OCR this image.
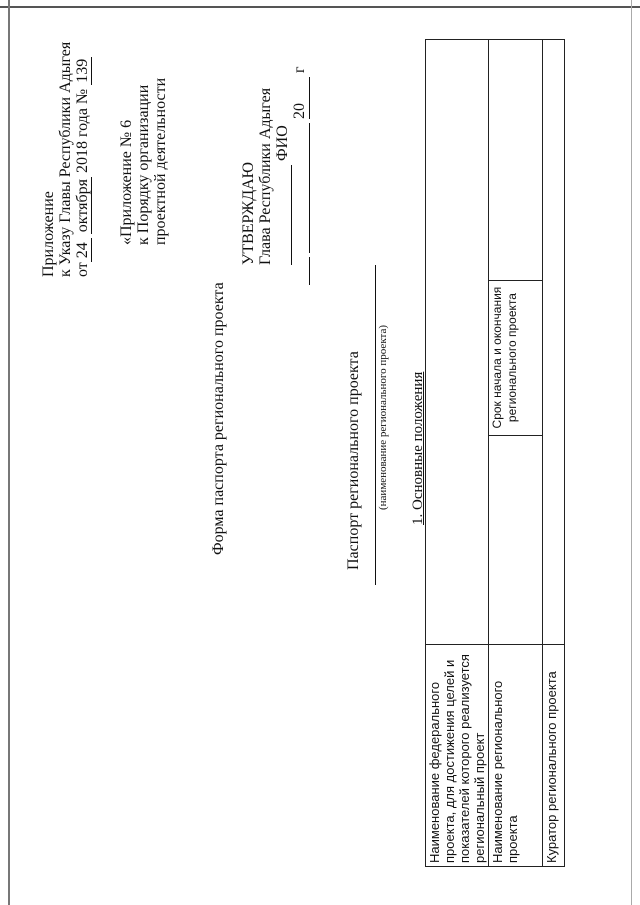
Приложение к Указу Главы Республики Адыгея от24 октября 2018 года № 139
«Приложение № 6 к Порядку организации проектной деятельности	УТВЕРЖДАЮ Глава Республики Адыгея ФИО
20  г
Форма паспорта регионального проекта	Паспорт регионального проекта (наименование регионального проекта) 1. Основные положения
Наименование федерального проекта, для достижения целей и показателей которого реализуется региональный проект			
Наименование регионального проекта		Срок начала и окончания регионального проекта	
Куратор регионального проекта			
